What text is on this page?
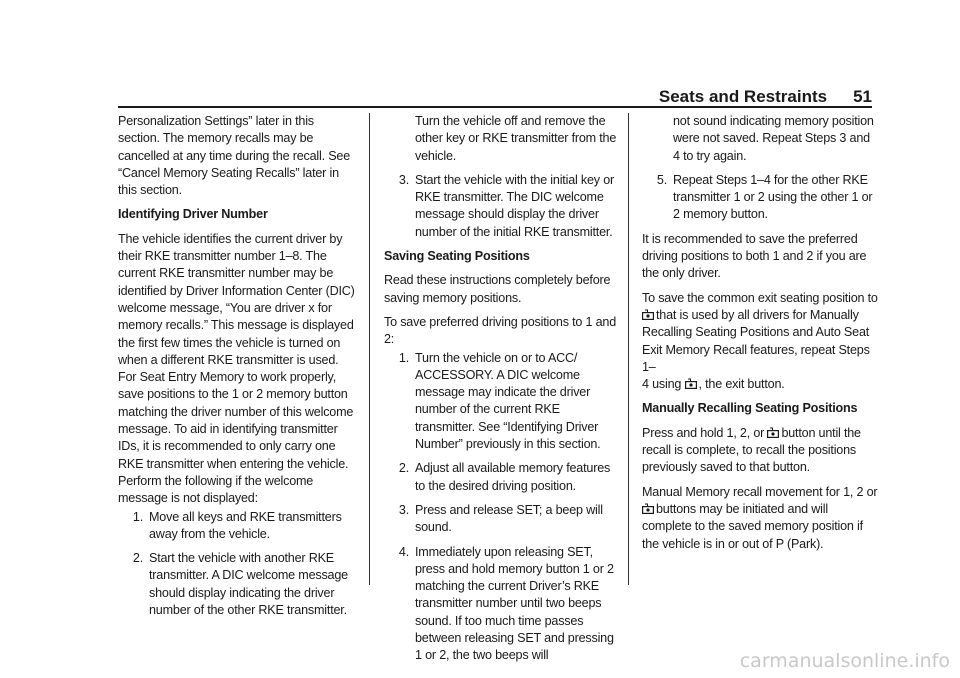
Seats and Restraints 51

Personalization Settings” later in this section. The memory recalls may be cancelled at any time during the recall. See “Cancel Memory Seating Recalls” later in this section.

Identifying Driver Number

The vehicle identifies the current driver by their RKE transmitter number 1–8. The current RKE transmitter number may be identified by Driver Information Center (DIC) welcome message, “You are driver x for memory recalls.” This message is displayed the first few times the vehicle is turned on when a different RKE transmitter is used. For Seat Entry Memory to work properly, save positions to the 1 or 2 memory button matching the driver number of this welcome message. To aid in identifying transmitter IDs, it is recommended to only carry one RKE transmitter when entering the vehicle. Perform the following if the welcome message is not displayed:

1. Move all keys and RKE transmitters away from the vehicle.
2. Start the vehicle with another RKE transmitter. A DIC welcome message should display indicating the driver number of the other RKE transmitter.
Turn the vehicle off and remove the other key or RKE transmitter from the vehicle.
3. Start the vehicle with the initial key or RKE transmitter. The DIC welcome message should display the driver number of the initial RKE transmitter.

Saving Seating Positions

Read these instructions completely before saving memory positions.

To save preferred driving positions to 1 and 2:

1. Turn the vehicle on or to ACC/ ACCESSORY. A DIC welcome message may indicate the driver number of the current RKE transmitter. See “Identifying Driver Number” previously in this section.
2. Adjust all available memory features to the desired driving position.
3. Press and release SET; a beep will sound.
4. Immediately upon releasing SET, press and hold memory button 1 or 2 matching the current Driver’s RKE transmitter number until two beeps sound. If too much time passes between releasing SET and pressing 1 or 2, the two beeps will
not sound indicating memory position were not saved. Repeat Steps 3 and 4 to try again.
5. Repeat Steps 1–4 for the other RKE transmitter 1 or 2 using the other 1 or 2 memory button.

It is recommended to save the preferred driving positions to both 1 and 2 if you are the only driver.

To save the common exit seating position to

that is used by all drivers for Manually Recalling Seating Positions and Auto Seat Exit Memory Recall features, repeat Steps 1–
4 using , the exit button.

Manually Recalling Seating Positions

Press and hold 1, 2, or button until the recall is complete, to recall the positions previously saved to that button.

Manual Memory recall movement for 1, 2 or

buttons may be initiated and will complete to the saved memory position if the vehicle is in or out of P (Park).

carmanualsonline.info
